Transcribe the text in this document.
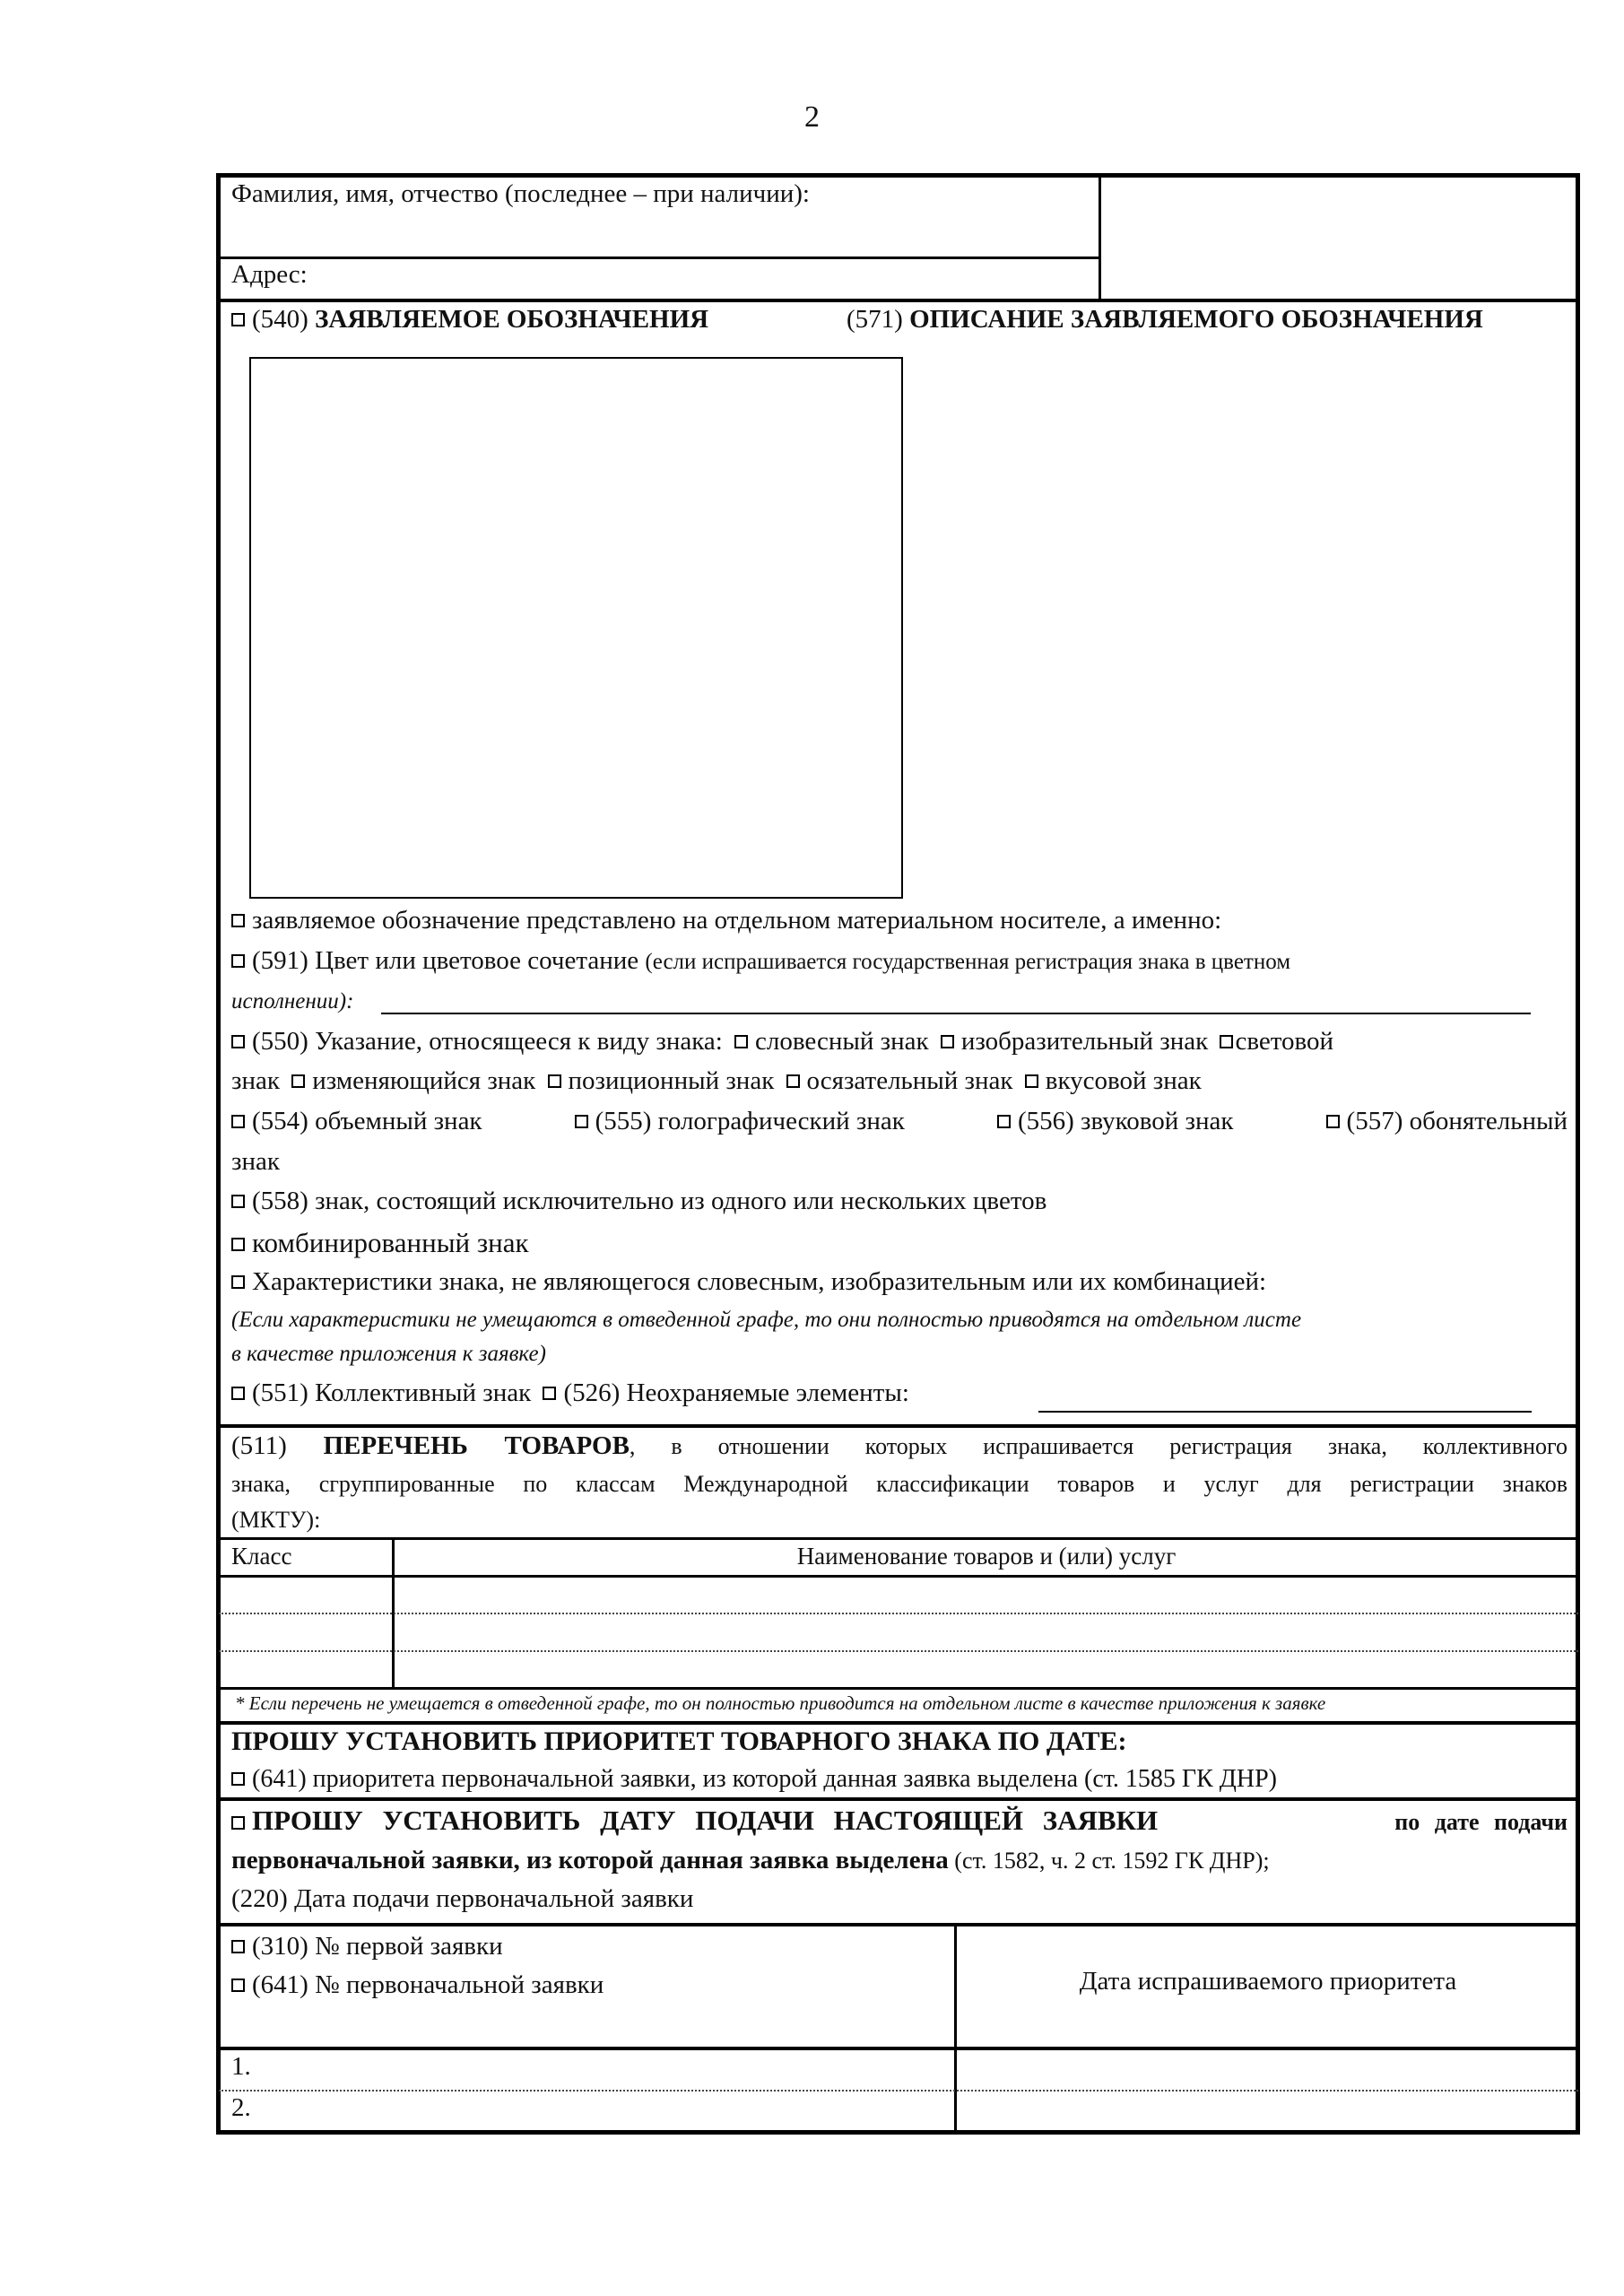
2
Фамилия, имя, отчество (последнее – при наличии):
Адрес:
(540) ЗАЯВЛЯЕМОЕ ОБОЗНАЧЕНИЯ	(571) ОПИСАНИЕ ЗАЯВЛЯЕМОГО ОБОЗНАЧЕНИЯ
заявляемое обозначение представлено на отдельном материальном носителе, а именно:
(591) Цвет или цветовое сочетание (если испрашивается государственная регистрация знака в цветном
исполнении):
(550) Указание, относящееся к виду знака: словесный знак изобразительный знак световой
знак изменяющийся знак позиционный знак осязательный знак вкусовой знак
(554) объемный знак	(555) голографический знак	(556) звуковой знак	(557) обонятельный
знак
(558) знак, состоящий исключительно из одного или нескольких цветов
комбинированный знак
Характеристики знака, не являющегося словесным, изобразительным или их комбинацией:
(Если характеристики не умещаются в отведенной графе, то они полностью приводятся на отдельном листе
в качестве приложения к заявке)
(551) Коллективный знак (526) Неохраняемые элементы:
(511) ПЕРЕЧЕНЬ ТОВАРОВ, в отношении которых испрашивается регистрация знака, коллективного
знака, сгруппированные по классам Международной классификации товаров и услуг для регистрации знаков
(МКТУ):
Класс	Наименование товаров и (или) услуг
* Если перечень не умещается в отведенной графе, то он полностью приводится на отдельном листе в качестве приложения к заявке
ПРОШУ УСТАНОВИТЬ ПРИОРИТЕТ ТОВАРНОГО ЗНАКА ПО ДАТЕ:
(641) приоритета первоначальной заявки, из которой данная заявка выделена (ст. 1585 ГК ДНР)
ПРОШУ УСТАНОВИТЬ ДАТУ ПОДАЧИ НАСТОЯЩЕЙ ЗАЯВКИ	по дате подачи
первоначальной заявки, из которой данная заявка выделена (ст. 1582, ч. 2 ст. 1592 ГК ДНР);
(220) Дата подачи первоначальной заявки
(310) № первой заявки
(641) № первоначальной заявки	Дата испрашиваемого приоритета
1.
2.
